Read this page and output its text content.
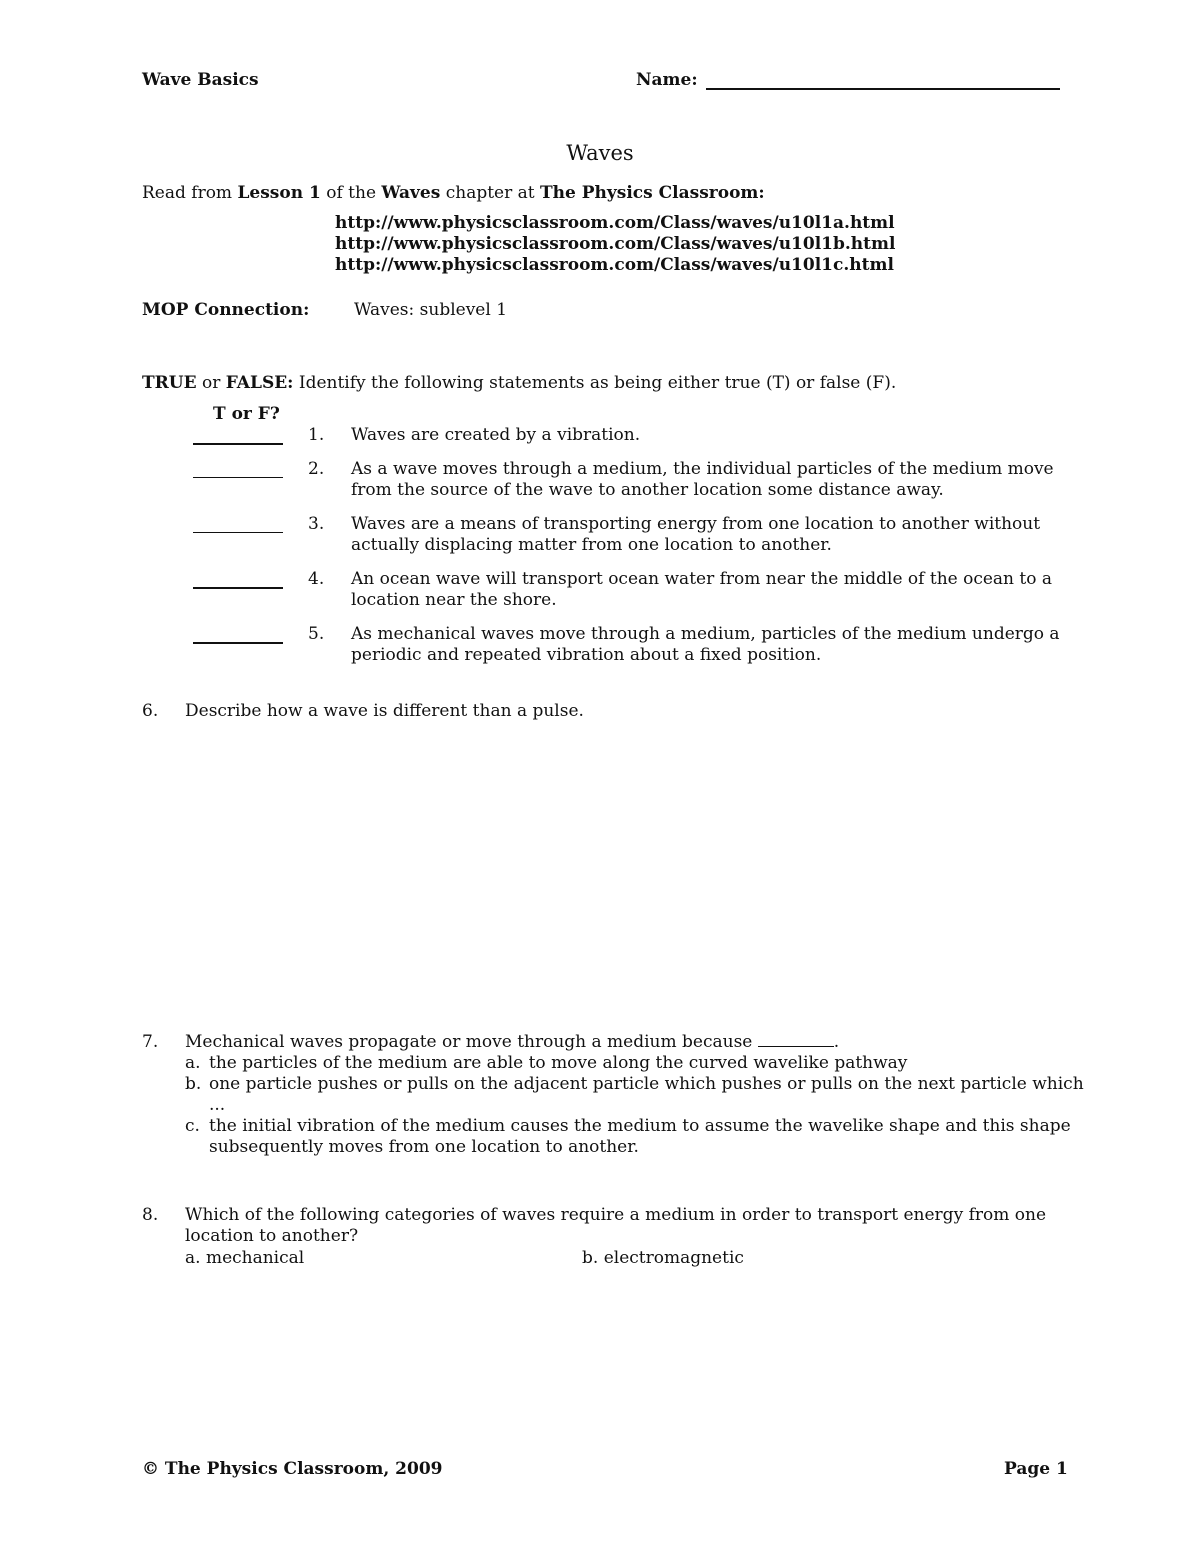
Wave Basics	Name:
Waves
Read from Lesson 1 of the Waves chapter at The Physics Classroom:
http://www.physicsclassroom.com/Class/waves/u10l1a.html
http://www.physicsclassroom.com/Class/waves/u10l1b.html
http://www.physicsclassroom.com/Class/waves/u10l1c.html
MOP Connection:	Waves: sublevel 1
TRUE or FALSE: Identify the following statements as being either true (T) or false (F).
T or F?
1. Waves are created by a vibration.
2. As a wave moves through a medium, the individual particles of the medium move from the source of the wave to another location some distance away.
3. Waves are a means of transporting energy from one location to another without actually displacing matter from one location to another.
4. An ocean wave will transport ocean water from near the middle of the ocean to a location near the shore.
5. As mechanical waves move through a medium, particles of the medium undergo a periodic and repeated vibration about a fixed position.
6. Describe how a wave is different than a pulse.
7. Mechanical waves propagate or move through a medium because	.
a. the particles of the medium are able to move along the curved wavelike pathway
b. one particle pushes or pulls on the adjacent particle which pushes or pulls on the next particle which ...
c. the initial vibration of the medium causes the medium to assume the wavelike shape and this shape subsequently moves from one location to another.
8. Which of the following categories of waves require a medium in order to transport energy from one location to another?
a. mechanical	b. electromagnetic
© The Physics Classroom, 2009	Page 1
